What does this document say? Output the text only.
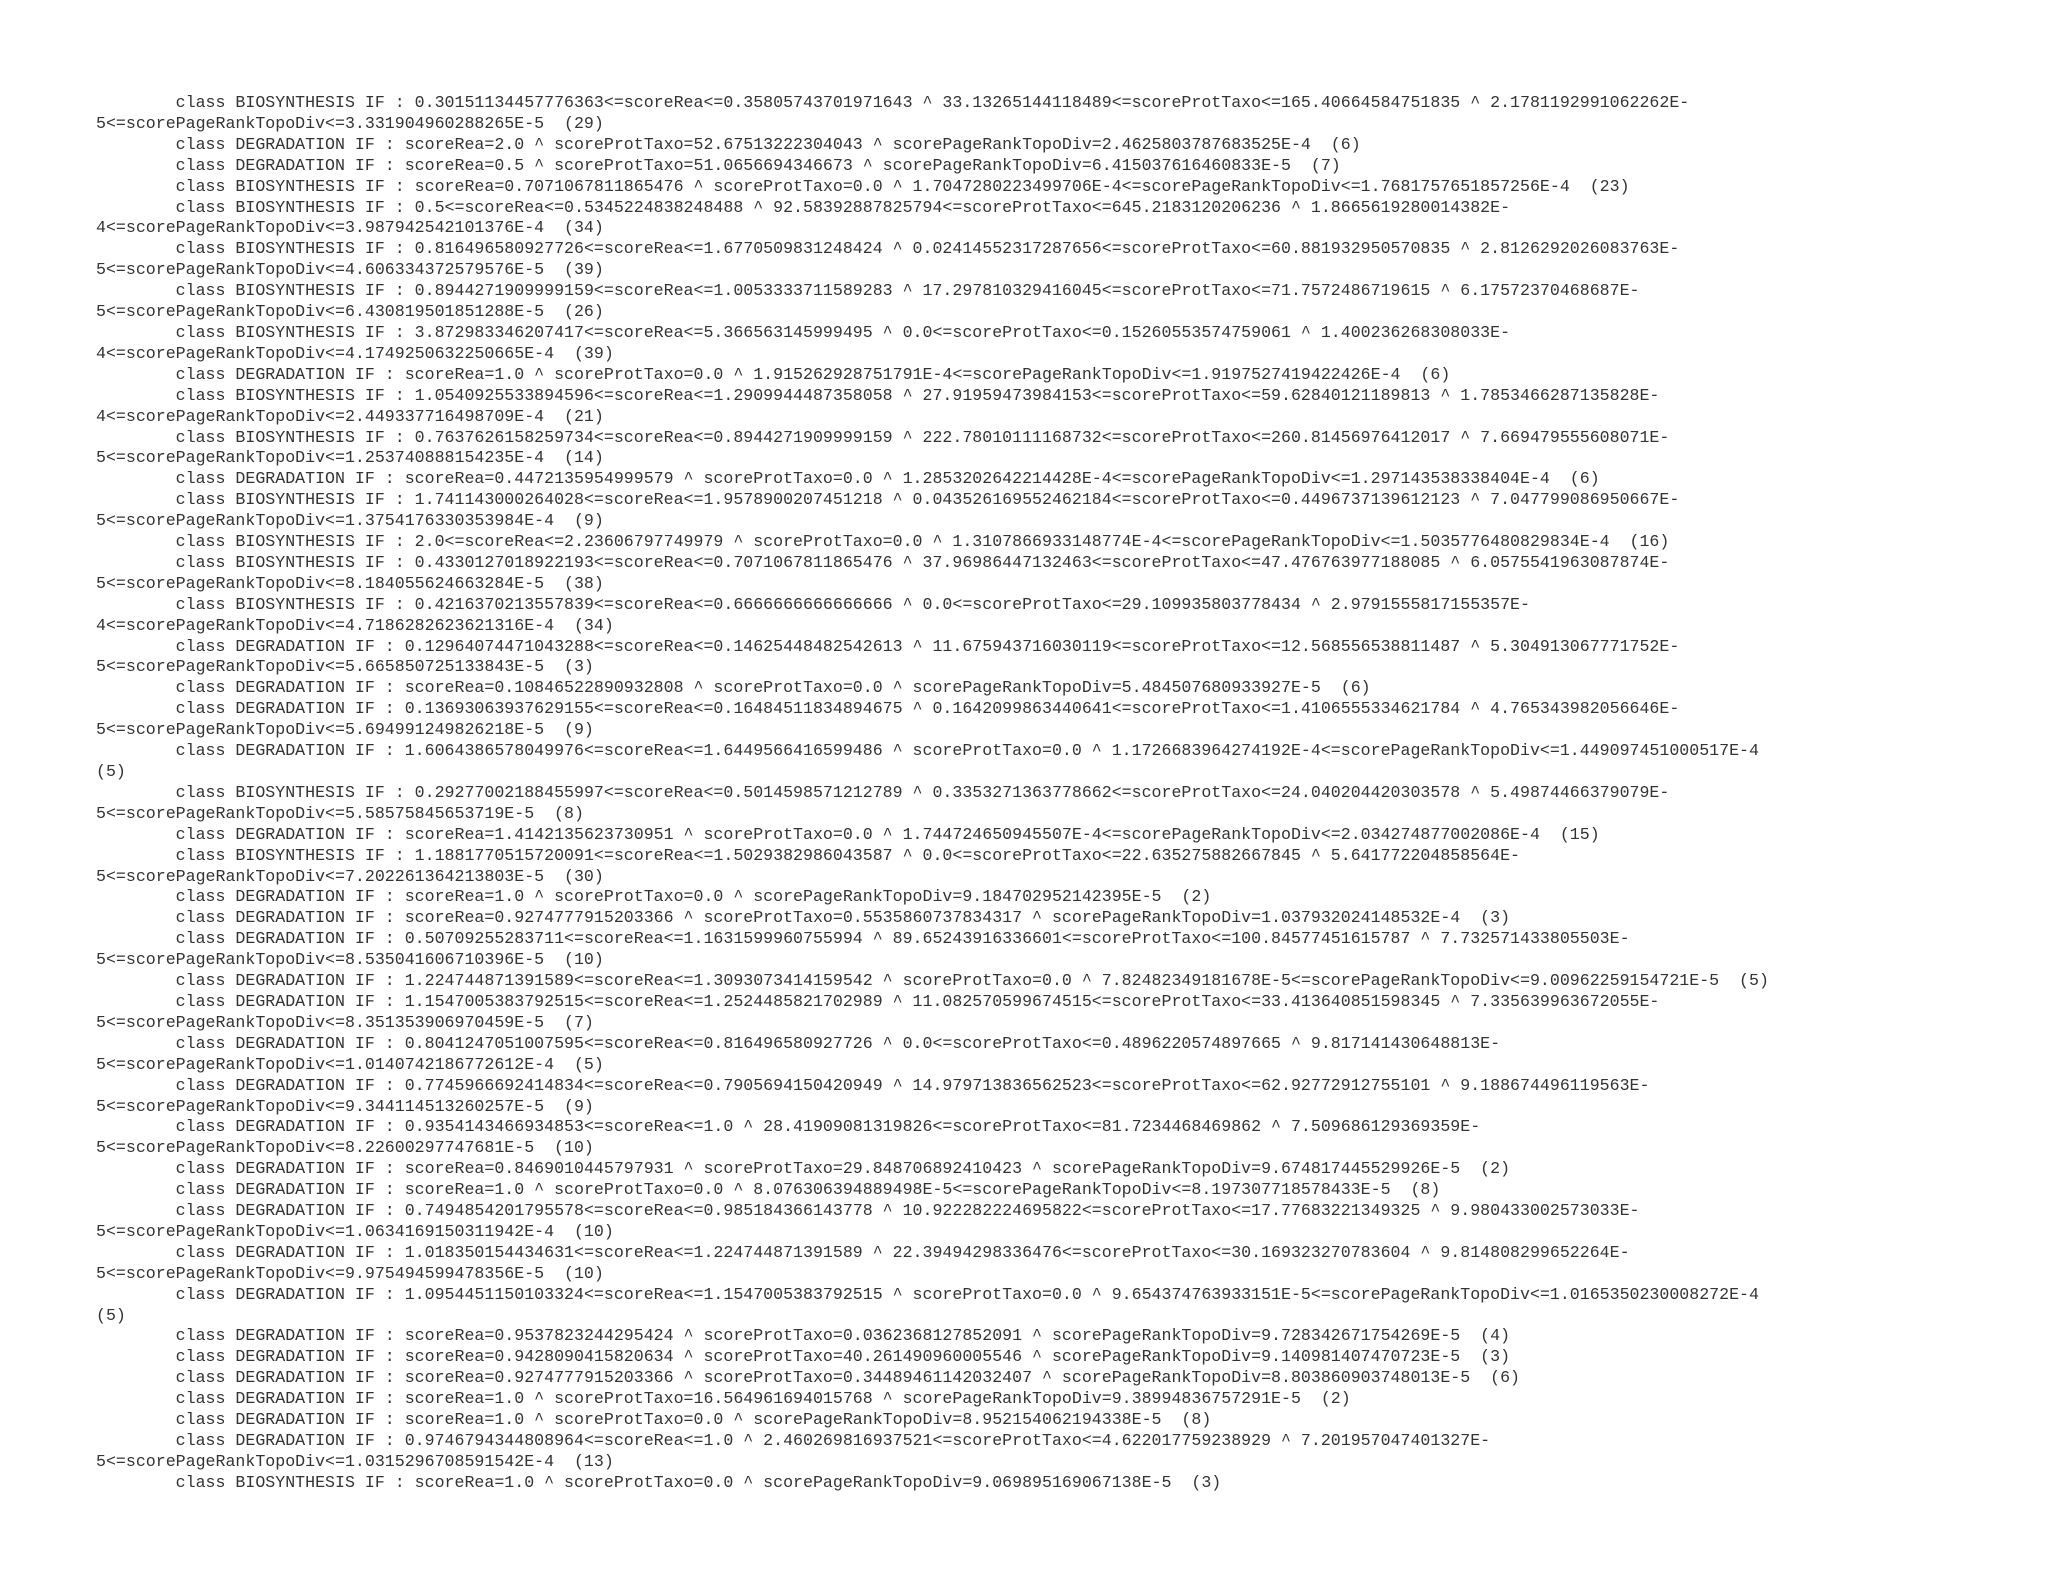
class BIOSYNTHESIS IF : 0.30151134457776363<=scoreRea<=0.35805743701971643 ^ 33.13265144118489<=scoreProtTaxo<=165.40664584751835 ^ 2.1781192991062262E-
5<=scorePageRankTopoDiv<=3.331904960288265E-5  (29)
class DEGRADATION IF : scoreRea=2.0 ^ scoreProtTaxo=52.67513222304043 ^ scorePageRankTopoDiv=2.4625803787683525E-4  (6)
class DEGRADATION IF : scoreRea=0.5 ^ scoreProtTaxo=51.0656694346673 ^ scorePageRankTopoDiv=6.415037616460833E-5  (7)
class BIOSYNTHESIS IF : scoreRea=0.7071067811865476 ^ scoreProtTaxo=0.0 ^ 1.7047280223499706E-4<=scorePageRankTopoDiv<=1.7681757651857256E-4  (23)
class BIOSYNTHESIS IF : 0.5<=scoreRea<=0.5345224838248488 ^ 92.58392887825794<=scoreProtTaxo<=645.2183120206236 ^ 1.8665619280014382E-
4<=scorePageRankTopoDiv<=3.987942542101376E-4  (34)
class BIOSYNTHESIS IF : 0.816496580927726<=scoreRea<=1.6770509831248424 ^ 0.02414552317287656<=scoreProtTaxo<=60.881932950570835 ^ 2.8126292026083763E-
5<=scorePageRankTopoDiv<=4.606334372579576E-5  (39)
class BIOSYNTHESIS IF : 0.8944271909999159<=scoreRea<=1.0053333711589283 ^ 17.297810329416045<=scoreProtTaxo<=71.7572486719615 ^ 6.17572370468687E-
5<=scorePageRankTopoDiv<=6.430819501851288E-5  (26)
class BIOSYNTHESIS IF : 3.872983346207417<=scoreRea<=5.366563145999495 ^ 0.0<=scoreProtTaxo<=0.15260553574759061 ^ 1.400236268308033E-
4<=scorePageRankTopoDiv<=4.1749250632250665E-4  (39)
class DEGRADATION IF : scoreRea=1.0 ^ scoreProtTaxo=0.0 ^ 1.915262928751791E-4<=scorePageRankTopoDiv<=1.9197527419422426E-4  (6)
class BIOSYNTHESIS IF : 1.0540925533894596<=scoreRea<=1.2909944487358058 ^ 27.91959473984153<=scoreProtTaxo<=59.62840121189813 ^ 1.7853466287135828E-
4<=scorePageRankTopoDiv<=2.449337716498709E-4  (21)
class BIOSYNTHESIS IF : 0.7637626158259734<=scoreRea<=0.8944271909999159 ^ 222.78010111168732<=scoreProtTaxo<=260.81456976412017 ^ 7.669479555608071E-
5<=scorePageRankTopoDiv<=1.253740888154235E-4  (14)
class DEGRADATION IF : scoreRea=0.4472135954999579 ^ scoreProtTaxo=0.0 ^ 1.2853202642214428E-4<=scorePageRankTopoDiv<=1.297143538338404E-4  (6)
class BIOSYNTHESIS IF : 1.741143000264028<=scoreRea<=1.9578900207451218 ^ 0.043526169552462184<=scoreProtTaxo<=0.4496737139612123 ^ 7.047799086950667E-
5<=scorePageRankTopoDiv<=1.3754176330353984E-4  (9)
class BIOSYNTHESIS IF : 2.0<=scoreRea<=2.23606797749979 ^ scoreProtTaxo=0.0 ^ 1.3107866933148774E-4<=scorePageRankTopoDiv<=1.5035776480829834E-4  (16)
class BIOSYNTHESIS IF : 0.4330127018922193<=scoreRea<=0.7071067811865476 ^ 37.96986447132463<=scoreProtTaxo<=47.476763977188085 ^ 6.0575541963087874E-
5<=scorePageRankTopoDiv<=8.184055624663284E-5  (38)
class BIOSYNTHESIS IF : 0.4216370213557839<=scoreRea<=0.6666666666666666 ^ 0.0<=scoreProtTaxo<=29.109935803778434 ^ 2.9791555817155357E-
4<=scorePageRankTopoDiv<=4.7186282623621316E-4  (34)
class DEGRADATION IF : 0.12964074471043288<=scoreRea<=0.14625448482542613 ^ 11.675943716030119<=scoreProtTaxo<=12.568556538811487 ^ 5.304913067771752E-
5<=scorePageRankTopoDiv<=5.665850725133843E-5  (3)
class DEGRADATION IF : scoreRea=0.10846522890932808 ^ scoreProtTaxo=0.0 ^ scorePageRankTopoDiv=5.484507680933927E-5  (6)
class DEGRADATION IF : 0.13693063937629155<=scoreRea<=0.16484511834894675 ^ 0.1642099863440641<=scoreProtTaxo<=1.4106555334621784 ^ 4.765343982056646E-
5<=scorePageRankTopoDiv<=5.694991249826218E-5  (9)
class DEGRADATION IF : 1.6064386578049976<=scoreRea<=1.6449566416599486 ^ scoreProtTaxo=0.0 ^ 1.1726683964274192E-4<=scorePageRankTopoDiv<=1.449097451000517E-4
(5)
class BIOSYNTHESIS IF : 0.29277002188455997<=scoreRea<=0.5014598571212789 ^ 0.3353271363778662<=scoreProtTaxo<=24.040204420303578 ^ 5.49874466379079E-
5<=scorePageRankTopoDiv<=5.58575845653719E-5  (8)
class DEGRADATION IF : scoreRea=1.4142135623730951 ^ scoreProtTaxo=0.0 ^ 1.744724650945507E-4<=scorePageRankTopoDiv<=2.034274877002086E-4  (15)
class BIOSYNTHESIS IF : 1.1881770515720091<=scoreRea<=1.5029382986043587 ^ 0.0<=scoreProtTaxo<=22.635275882667845 ^ 5.641772204858564E-
5<=scorePageRankTopoDiv<=7.202261364213803E-5  (30)
class DEGRADATION IF : scoreRea=1.0 ^ scoreProtTaxo=0.0 ^ scorePageRankTopoDiv=9.184702952142395E-5  (2)
class DEGRADATION IF : scoreRea=0.9274777915203366 ^ scoreProtTaxo=0.5535860737834317 ^ scorePageRankTopoDiv=1.037932024148532E-4  (3)
class DEGRADATION IF : 0.50709255283711<=scoreRea<=1.1631599960755994 ^ 89.65243916336601<=scoreProtTaxo<=100.84577451615787 ^ 7.732571433805503E-
5<=scorePageRankTopoDiv<=8.535041606710396E-5  (10)
class DEGRADATION IF : 1.224744871391589<=scoreRea<=1.3093073414159542 ^ scoreProtTaxo=0.0 ^ 7.82482349181678E-5<=scorePageRankTopoDiv<=9.00962259154721E-5  (5)
class DEGRADATION IF : 1.1547005383792515<=scoreRea<=1.2524485821702989 ^ 11.082570599674515<=scoreProtTaxo<=33.413640851598345 ^ 7.335639963672055E-
5<=scorePageRankTopoDiv<=8.351353906970459E-5  (7)
class DEGRADATION IF : 0.8041247051007595<=scoreRea<=0.816496580927726 ^ 0.0<=scoreProtTaxo<=0.4896220574897665 ^ 9.817141430648813E-
5<=scorePageRankTopoDiv<=1.0140742186772612E-4  (5)
class DEGRADATION IF : 0.7745966692414834<=scoreRea<=0.7905694150420949 ^ 14.979713836562523<=scoreProtTaxo<=62.92772912755101 ^ 9.188674496119563E-
5<=scorePageRankTopoDiv<=9.344114513260257E-5  (9)
class DEGRADATION IF : 0.9354143466934853<=scoreRea<=1.0 ^ 28.41909081319826<=scoreProtTaxo<=81.7234468469862 ^ 7.509686129369359E-
5<=scorePageRankTopoDiv<=8.22600297747681E-5  (10)
class DEGRADATION IF : scoreRea=0.8469010445797931 ^ scoreProtTaxo=29.848706892410423 ^ scorePageRankTopoDiv=9.674817445529926E-5  (2)
class DEGRADATION IF : scoreRea=1.0 ^ scoreProtTaxo=0.0 ^ 8.076306394889498E-5<=scorePageRankTopoDiv<=8.197307718578433E-5  (8)
class DEGRADATION IF : 0.7494854201795578<=scoreRea<=0.985184366143778 ^ 10.922282224695822<=scoreProtTaxo<=17.77683221349325 ^ 9.980433002573033E-
5<=scorePageRankTopoDiv<=1.0634169150311942E-4  (10)
class DEGRADATION IF : 1.018350154434631<=scoreRea<=1.224744871391589 ^ 22.39494298336476<=scoreProtTaxo<=30.169323270783604 ^ 9.814808299652264E-
5<=scorePageRankTopoDiv<=9.975494599478356E-5  (10)
class DEGRADATION IF : 1.0954451150103324<=scoreRea<=1.1547005383792515 ^ scoreProtTaxo=0.0 ^ 9.654374763933151E-5<=scorePageRankTopoDiv<=1.0165350230008272E-4
(5)
class DEGRADATION IF : scoreRea=0.9537823244295424 ^ scoreProtTaxo=0.0362368127852091 ^ scorePageRankTopoDiv=9.728342671754269E-5  (4)
class DEGRADATION IF : scoreRea=0.9428090415820634 ^ scoreProtTaxo=40.261490960005546 ^ scorePageRankTopoDiv=9.140981407470723E-5  (3)
class DEGRADATION IF : scoreRea=0.9274777915203366 ^ scoreProtTaxo=0.34489461142032407 ^ scorePageRankTopoDiv=8.803860903748013E-5  (6)
class DEGRADATION IF : scoreRea=1.0 ^ scoreProtTaxo=16.564961694015768 ^ scorePageRankTopoDiv=9.38994836757291E-5  (2)
class DEGRADATION IF : scoreRea=1.0 ^ scoreProtTaxo=0.0 ^ scorePageRankTopoDiv=8.952154062194338E-5  (8)
class DEGRADATION IF : 0.9746794344808964<=scoreRea<=1.0 ^ 2.460269816937521<=scoreProtTaxo<=4.622017759238929 ^ 7.201957047401327E-
5<=scorePageRankTopoDiv<=1.0315296708591542E-4  (13)
class BIOSYNTHESIS IF : scoreRea=1.0 ^ scoreProtTaxo=0.0 ^ scorePageRankTopoDiv=9.069895169067138E-5  (3)
